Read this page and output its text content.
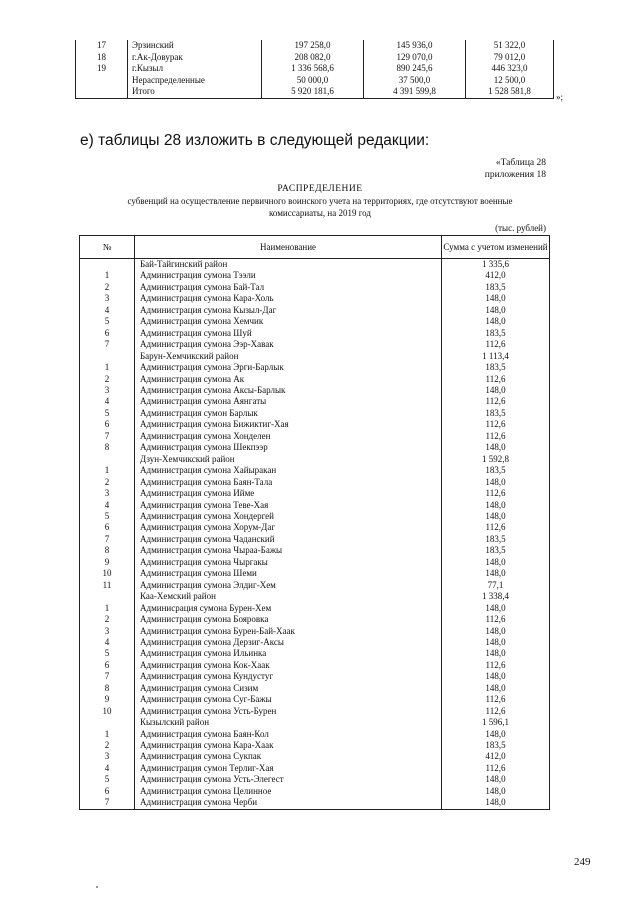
17	Эрзинский	197 258,0	145 936,0	51 322,0
18	г.Ак-Довурак	208 082,0	129 070,0	79 012,0
19	г.Кызыл	1 336 568,6	890 245,6	446 323,0
	Нераспределенные	50 000,0	37 500,0	12 500,0
	Итого	5 920 181,6	4 391 599,8	1 528 581,8
»;
е) таблицы 28 изложить в следующей редакции:
«Таблица 28
приложения 18
РАСПРЕДЕЛЕНИЕ
субвенций на осуществление первичного воинского учета на территориях, где отсутствуют военные комиссариаты, на 2019 год
(тыс. рублей)
№	Наименование	Сумма с учетом изменений
	Бай-Тайгинский район	1 335,6
1	Администрация сумона Тээли	412,0
2	Администрация сумона Бай-Тал	183,5
3	Администрация сумона Кара-Холь	148,0
4	Администрация сумона Кызыл-Даг	148,0
5	Администрация сумона Хемчик	148,0
6	Администрация сумона Шуй	183,5
7	Администрация сумона Ээр-Хавак	112,6
	Барун-Хемчикский район	1 113,4
1	Администрация сумона Эрги-Барлык	183,5
2	Администрация сумона Ак	112,6
3	Администрация сумона Аксы-Барлык	148,0
4	Администрация сумона Аянгаты	112,6
5	Администрация сумон Барлык	183,5
6	Администрация сумона Бижиктиг-Хая	112,6
7	Администрация сумона Хонделен	112,6
8	Администрация сумона Шекпээр	148,0
	Дзун-Хемчикский район	1 592,8
1	Администрация сумона Хайыракан	183,5
2	Администрация сумона Баян-Тала	148,0
3	Администрация сумона Ийме	112,6
4	Администрация сумона Теве-Хая	148,0
5	Администрация сумона Хондергей	148,0
6	Администрация сумона Хорум-Даг	112,6
7	Администрация сумона Чаданский	183,5
8	Администрация сумона Чыраа-Бажы	183,5
9	Администрация сумона Чыргакы	148,0
10	Администрация сумона Шеми	148,0
11	Администрация сумона Элдиг-Хем	77,1
	Каа-Хемский район	1 338,4
1	Админисрация сумона Бурен-Хем	148,0
2	Администрация сумона Бояровка	112,6
3	Администрация сумона Бурен-Бай-Хаак	148,0
4	Администрация сумона Дерзиг-Аксы	148,0
5	Администрация сумона Ильинка	148,0
6	Администрация сумона Кок-Хаак	112,6
7	Администрация сумона Кундустуг	148,0
8	Администрация сумона Сизим	148,0
9	Администрация сумона Суг-Бажы	112,6
10	Администрация сумона Усть-Бурен	112,6
	Кызылский район	1 596,1
1	Администрация сумона Баян-Кол	148,0
2	Администрация сумона Кара-Хаак	183,5
3	Администрация сумона Сукпак	412,0
4	Администрация сумон Терлиг-Хая	112,6
5	Администрация сумона Усть-Элегест	148,0
6	Администрация сумона Целинное	148,0
7	Администрация сумона Черби	148,0
249
